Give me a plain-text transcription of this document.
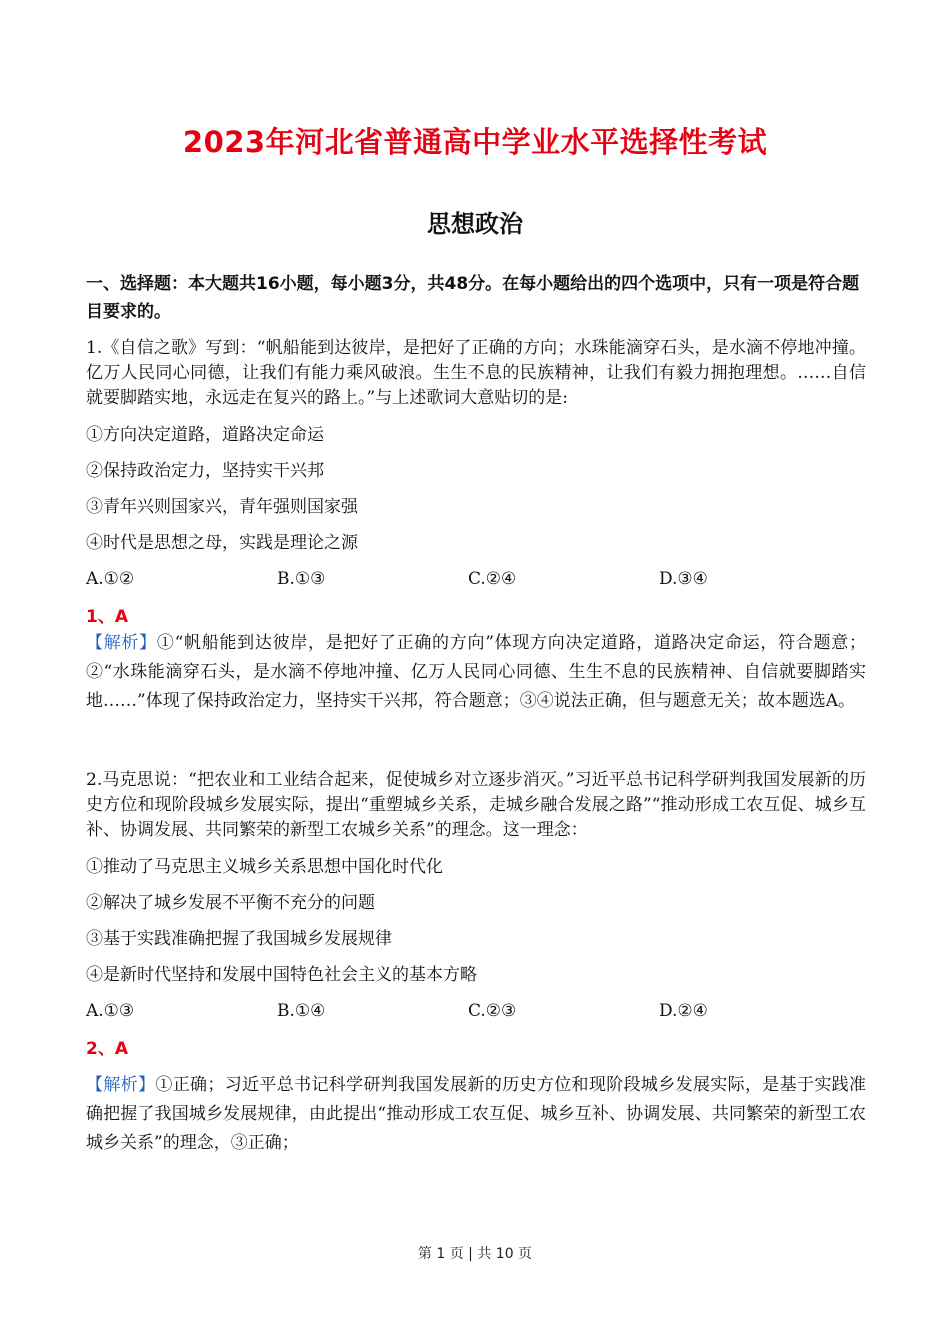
2023年河北省普通高中学业水平选择性考试
思想政治
一、选择题：本大题共16小题，每小题3分，共48分。在每小题给出的四个选项中，只有一项是符合题目要求的。

1.《自信之歌》写到：“帆船能到达彼岸，是把好了正确的方向；水珠能滴穿石头，是水滴不停地冲撞。亿万人民同心同德，让我们有能力乘风破浪。生生不息的民族精神，让我们有毅力拥抱理想。……自信就要脚踏实地，永远走在复兴的路上。”与上述歌词大意贴切的是:

①方向决定道路，道路决定命运
②保持政治定力，坚持实干兴邦
③青年兴则国家兴，青年强则国家强
④时代是思想之母，实践是理论之源
A.①②	B.①③	C.②④	D.③④
1、A
【解析】①“帆船能到达彼岸，是把好了正确的方向”体现方向决定道路，道路决定命运，符合题意；②“水珠能滴穿石头，是水滴不停地冲撞、亿万人民同心同德、生生不息的民族精神、自信就要脚踏实地……”体现了保持政治定力，坚持实干兴邦，符合题意；③④说法正确，但与题意无关；故本题选A。

2.马克思说：“把农业和工业结合起来，促使城乡对立逐步消灭。”习近平总书记科学研判我国发展新的历史方位和现阶段城乡发展实际，提出“重塑城乡关系，走城乡融合发展之路”“推动形成工农互促、城乡互补、协调发展、共同繁荣的新型工农城乡关系”的理念。这一理念：

①推动了马克思主义城乡关系思想中国化时代化
②解决了城乡发展不平衡不充分的问题
③基于实践准确把握了我国城乡发展规律
④是新时代坚持和发展中国特色社会主义的基本方略
A.①③	B.①④	C.②③	D.②④
2、A
【解析】①正确；习近平总书记科学研判我国发展新的历史方位和现阶段城乡发展实际，是基于实践准确把握了我国城乡发展规律，由此提出“推动形成工农互促、城乡互补、协调发展、共同繁荣的新型工农城乡关系”的理念，③正确；
第 1 页 | 共 10 页
